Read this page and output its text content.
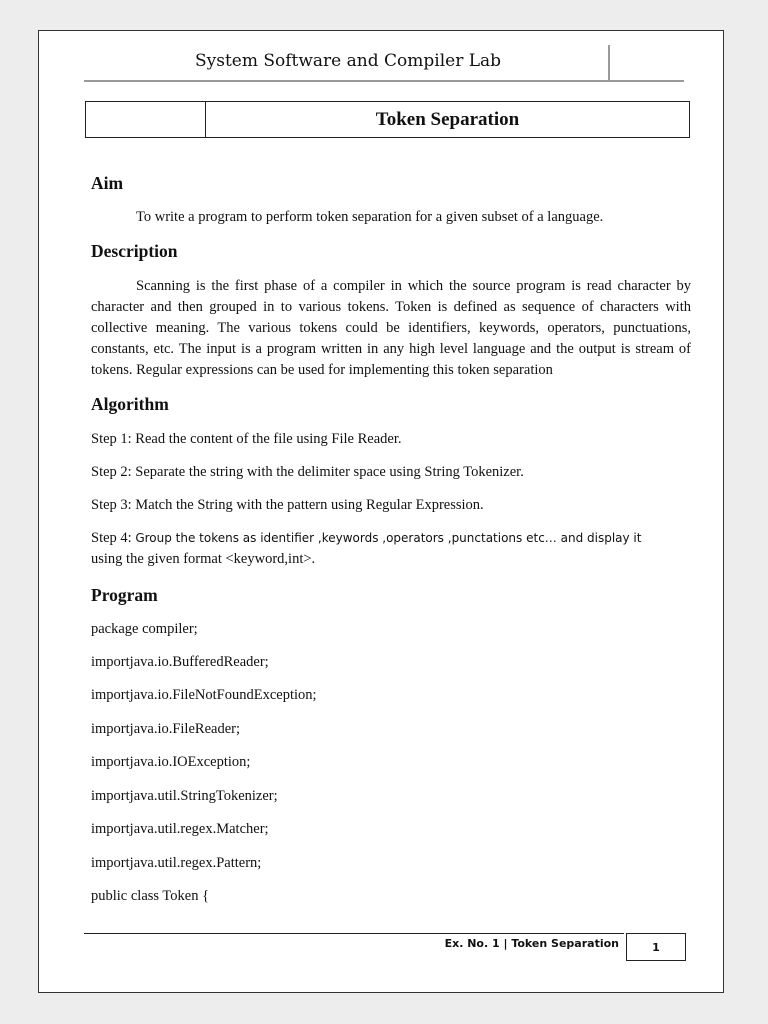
System Software and Compiler Lab
Token Separation
Aim
To write a program to perform token separation for a given subset of a language.
Description
Scanning is the first phase of a compiler in which the source program is read character by character and then grouped in to various tokens. Token is defined as sequence of characters with collective meaning. The various tokens could be identifiers, keywords, operators, punctuations, constants, etc. The input is a program written in any high level language and the output is stream of tokens. Regular expressions can be used for implementing this token separation
Algorithm
Step 1: Read the content of the file using File Reader.
Step 2: Separate the string with the delimiter space using String Tokenizer.
Step 3: Match the String with the pattern using Regular Expression.
Step 4: Group the tokens as identifier ,keywords ,operators ,punctations etc… and display it
using the given format <keyword,int>.
Program
package compiler;
importjava.io.BufferedReader;
importjava.io.FileNotFoundException;
importjava.io.FileReader;
importjava.io.IOException;
importjava.util.StringTokenizer;
importjava.util.regex.Matcher;
importjava.util.regex.Pattern;
public class Token {
Ex. No. 1 | Token Separation	1
